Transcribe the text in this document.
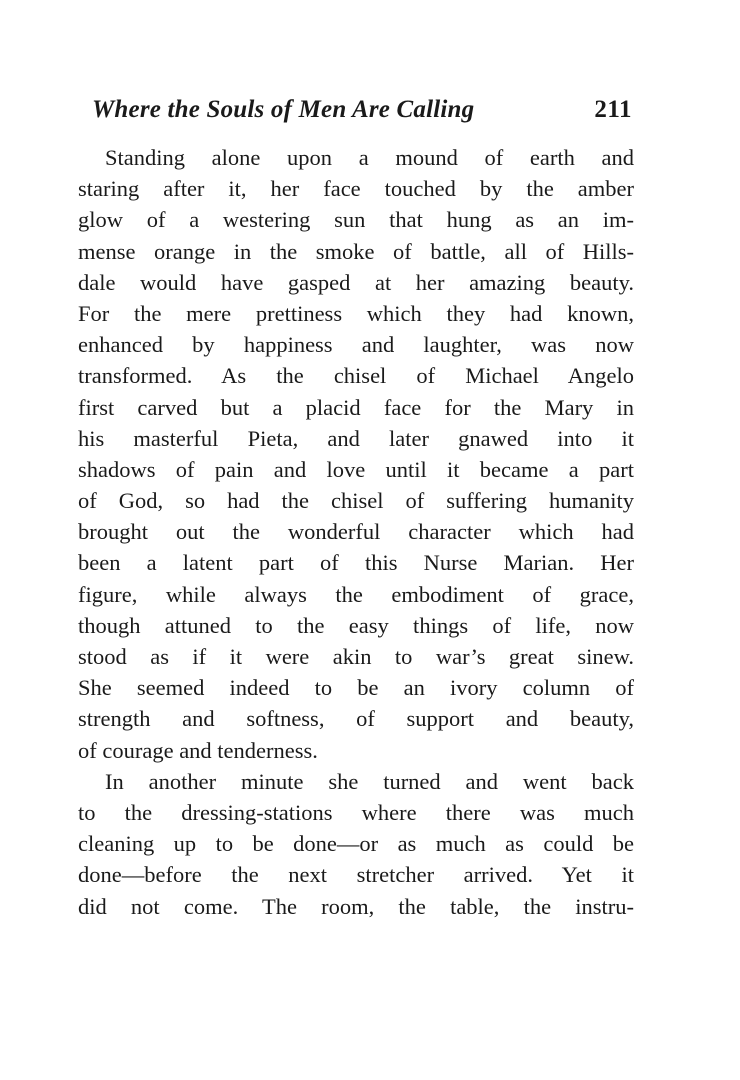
Where the Souls of Men Are Calling	211
Standing alone upon a mound of earth and
staring after it, her face touched by the amber
glow of a westering sun that hung as an im-
mense orange in the smoke of battle, all of Hills-
dale would have gasped at her amazing beauty.
For the mere prettiness which they had known,
enhanced by happiness and laughter, was now
transformed. As the chisel of Michael Angelo
first carved but a placid face for the Mary in
his masterful Pieta, and later gnawed into it
shadows of pain and love until it became a part
of God, so had the chisel of suffering humanity
brought out the wonderful character which had
been a latent part of this Nurse Marian. Her
figure, while always the embodiment of grace,
though attuned to the easy things of life, now
stood as if it were akin to war’s great sinew.
She seemed indeed to be an ivory column of
strength and softness, of support and beauty,
of courage and tenderness.
In another minute she turned and went back
to the dressing-stations where there was much
cleaning up to be done—or as much as could be
done—before the next stretcher arrived. Yet it
did not come. The room, the table, the instru-
